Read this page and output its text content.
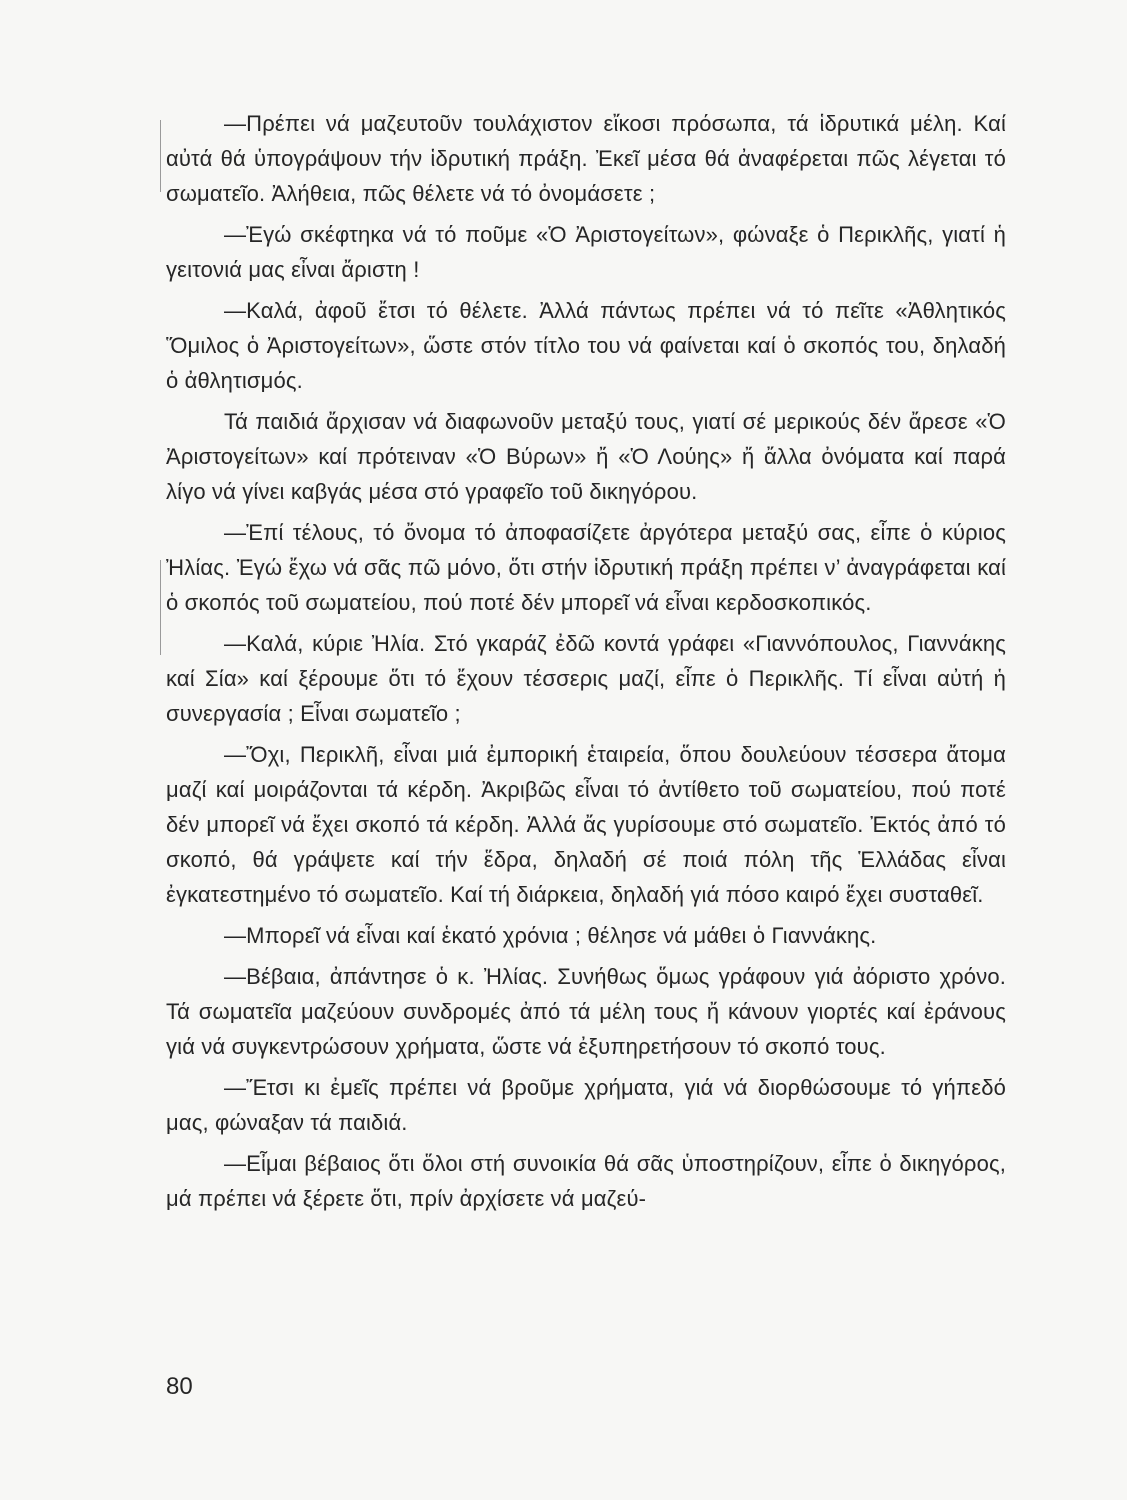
—Πρέπει νά μαζευτοῦν τουλάχιστον εἴκοσι πρόσωπα, τά ἱδρυτικά μέλη. Καί αὐτά θά ὑπογράψουν τήν ἱδρυτική πράξη. Ἐκεῖ μέσα θά ἀναφέρεται πῶς λέγεται τό σωματεῖο. Ἀλήθεια, πῶς θέλετε νά τό ὀνομάσετε ;

—Ἐγώ σκέφτηκα νά τό ποῦμε «Ὁ Ἀριστογείτων», φώναξε ὁ Περικλῆς, γιατί ἡ γειτονιά μας εἶναι ἄριστη !

—Καλά, ἀφοῦ ἔτσι τό θέλετε. Ἀλλά πάντως πρέπει νά τό πεῖτε «Ἀθλητικός Ὅμιλος ὁ Ἀριστογείτων», ὥστε στόν τίτλο του νά φαίνεται καί ὁ σκοπός του, δηλαδή ὁ ἀθλητισμός.

Τά παιδιά ἄρχισαν νά διαφωνοῦν μεταξύ τους, γιατί σέ μερικούς δέν ἄρεσε «Ὁ Ἀριστογείτων» καί πρότειναν «Ὁ Βύρων» ἤ «Ὁ Λούης» ἤ ἄλλα ὀνόματα καί παρά λίγο νά γίνει καβγάς μέσα στό γραφεῖο τοῦ δικηγόρου.

—Ἐπί τέλους, τό ὄνομα τό ἀποφασίζετε ἀργότερα μεταξύ σας, εἶπε ὁ κύριος Ἠλίας. Ἐγώ ἔχω νά σᾶς πῶ μόνο, ὅτι στήν ἱδρυτική πράξη πρέπει ν’ ἀναγράφεται καί ὁ σκοπός τοῦ σωματείου, πού ποτέ δέν μπορεῖ νά εἶναι κερδοσκοπικός.

—Καλά, κύριε Ἠλία. Στό γκαράζ ἐδῶ κοντά γράφει «Γιαννόπουλος, Γιαννάκης καί Σία» καί ξέρουμε ὅτι τό ἔχουν τέσσερις μαζί, εἶπε ὁ Περικλῆς. Τί εἶναι αὐτή ἡ συνεργασία ; Εἶναι σωματεῖο ;

—Ὄχι, Περικλῆ, εἶναι μιά ἐμπορική ἑταιρεία, ὅπου δουλεύουν τέσσερα ἄτομα μαζί καί μοιράζονται τά κέρδη. Ἀκριβῶς εἶναι τό ἀντίθετο τοῦ σωματείου, πού ποτέ δέν μπορεῖ νά ἔχει σκοπό τά κέρδη. Ἀλλά ἄς γυρίσουμε στό σωματεῖο. Ἐκτός ἀπό τό σκοπό, θά γράψετε καί τήν ἕδρα, δηλαδή σέ ποιά πόλη τῆς Ἑλλάδας εἶναι ἐγκατεστημένο τό σωματεῖο. Καί τή διάρκεια, δηλαδή γιά πόσο καιρό ἔχει συσταθεῖ.

—Μπορεῖ νά εἶναι καί ἑκατό χρόνια ; θέλησε νά μάθει ὁ Γιαννάκης.

—Βέβαια, ἀπάντησε ὁ κ. Ἠλίας. Συνήθως ὅμως γράφουν γιά ἀόριστο χρόνο. Τά σωματεῖα μαζεύουν συνδρομές ἀπό τά μέλη τους ἤ κάνουν γιορτές καί ἐράνους γιά νά συγκεντρώσουν χρήματα, ὥστε νά ἐξυπηρετήσουν τό σκοπό τους.

—Ἔτσι κι ἐμεῖς πρέπει νά βροῦμε χρήματα, γιά νά διορθώσουμε τό γήπεδό μας, φώναξαν τά παιδιά.

—Εἶμαι βέβαιος ὅτι ὅλοι στή συνοικία θά σᾶς ὑποστηρίζουν, εἶπε ὁ δικηγόρος, μά πρέπει νά ξέρετε ὅτι, πρίν ἀρχίσετε νά μαζεύ-

80
